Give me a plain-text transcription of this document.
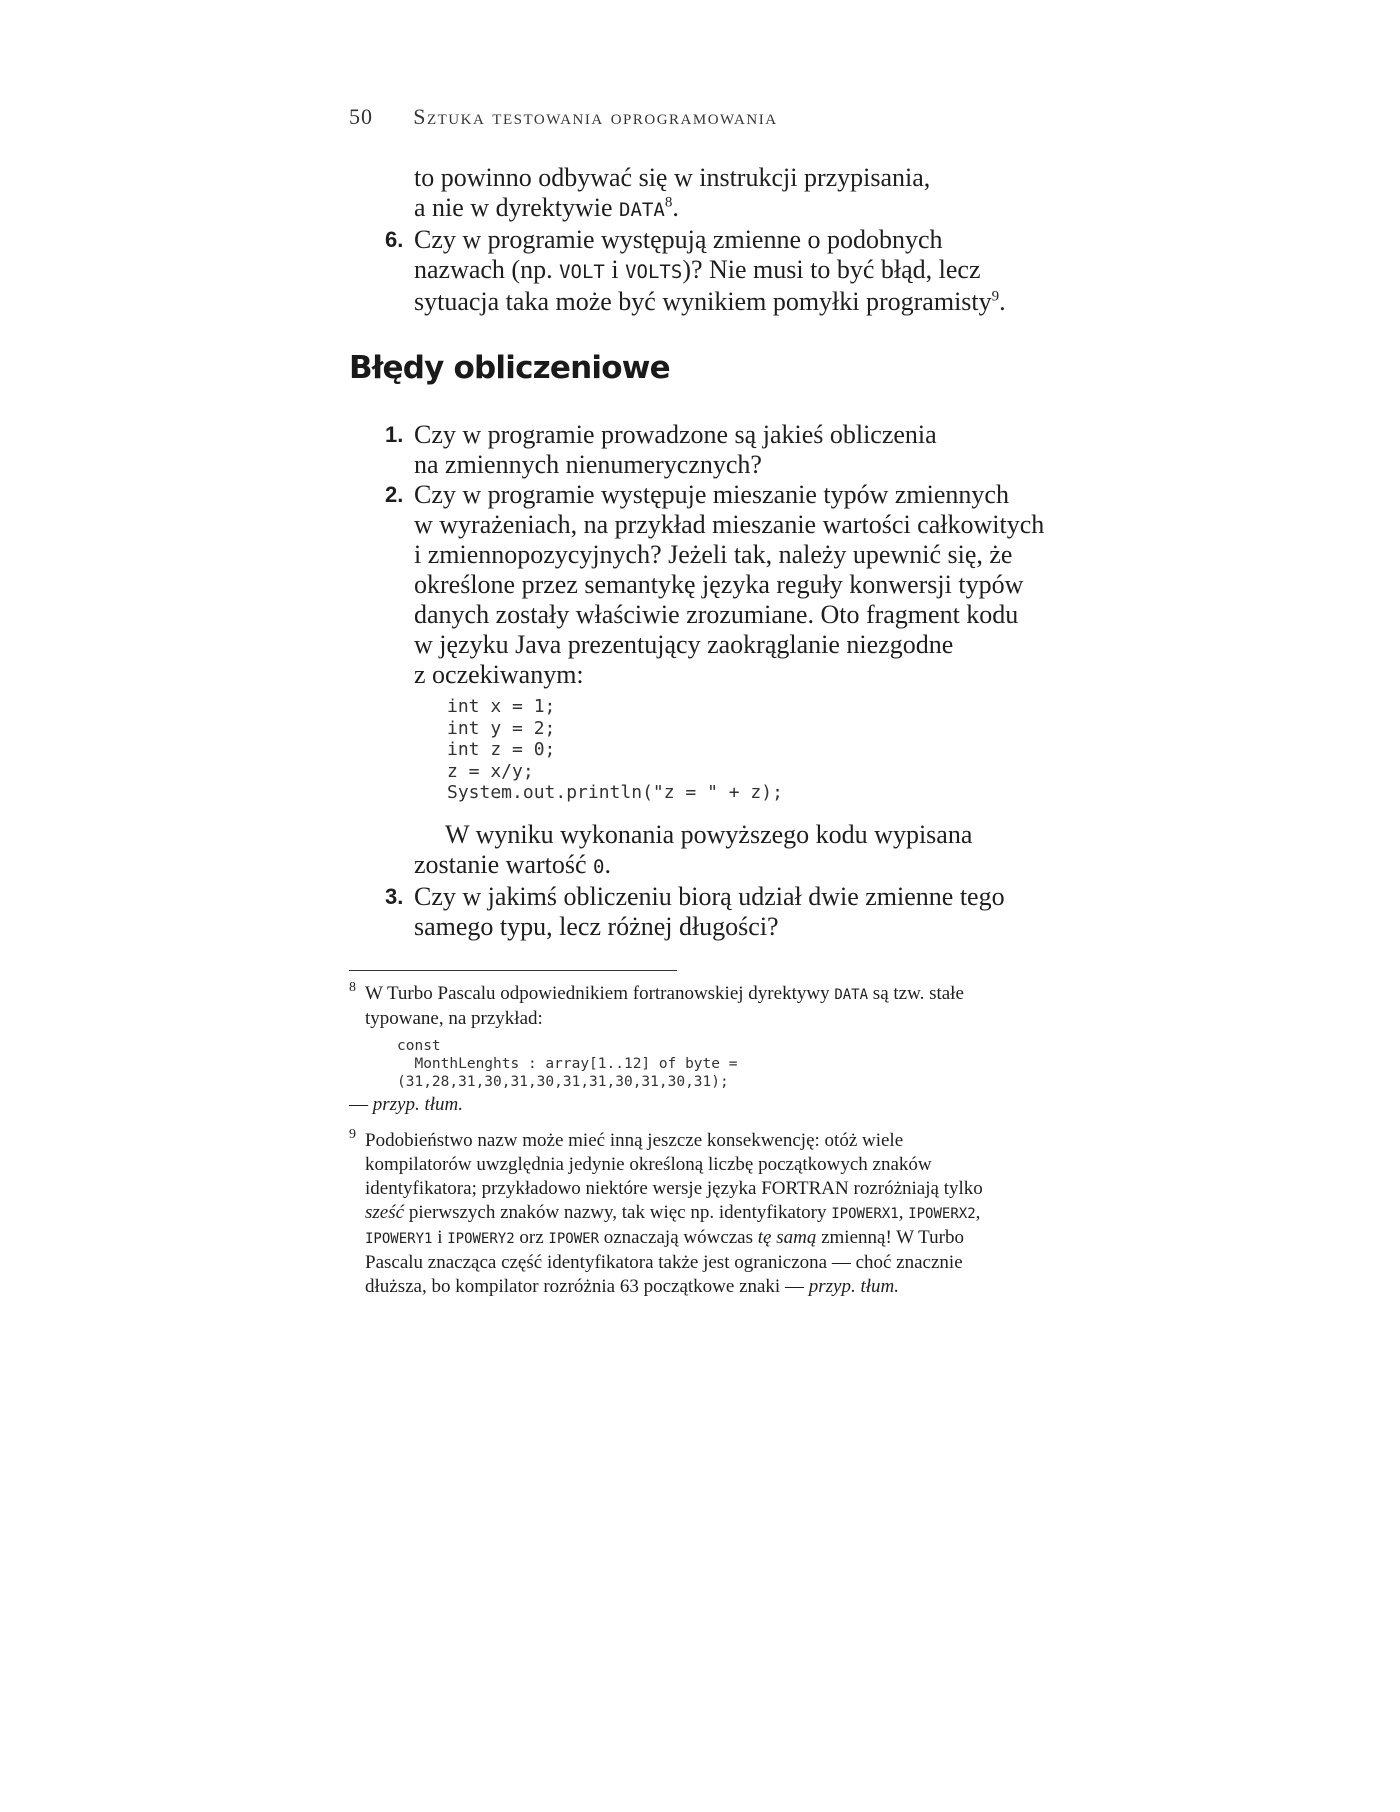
50 Sztuka testowania oprogramowania
to powinno odbywać się w instrukcji przypisania,
a nie w dyrektywie DATA$^8$.
6. Czy w programie występują zmienne o podobnych
nazwach (np. VOLT i VOLTS)? Nie musi to być błąd, lecz
sytuacja taka może być wynikiem pomyłki programisty$^9$.
Błędy obliczeniowe
1. Czy w programie prowadzone są jakieś obliczenia
na zmiennych nienumerycznych?
2. Czy w programie występuje mieszanie typów zmiennych
w wyrażeniach, na przykład mieszanie wartości całkowitych
i zmiennopozycyjnych? Jeżeli tak, należy upewnić się, że
określone przez semantykę języka reguły konwersji typów
danych zostały właściwie zrozumiane. Oto fragment kodu
w języku Java prezentujący zaokrąglanie niezgodne
z oczekiwanym:
int x = 1;
int y = 2;
int z = 0;
z = x/y;
System.out.println("z = " + z);
W wyniku wykonania powyższego kodu wypisana
zostanie wartość 0.
3. Czy w jakimś obliczeniu biorą udział dwie zmienne tego
samego typu, lecz różnej długości?
8 W Turbo Pascalu odpowiednikiem fortranowskiej dyrektywy DATA są tzw. stałe
typowane, na przykład:
const
MonthLenghts : array[1..12] of byte =
(31,28,31,30,31,30,31,31,30,31,30,31);
— przyp. tłum.
9 Podobieństwo nazw może mieć inną jeszcze konsekwencję: otóż wiele
kompilatorów uwzględnia jedynie określoną liczbę początkowych znaków
identyfikatora; przykładowo niektóre wersje języka FORTRAN rozróżniają tylko
sześć pierwszych znaków nazwy, tak więc np. identyfikatory IPOWERX1, IPOWERX2,
IPOWERY1 i IPOWERY2 orz IPOWER oznaczają wówczas tę samą zmienną! W Turbo
Pascalu znacząca część identyfikatora także jest ograniczona — choć znacznie
dłuższa, bo kompilator rozróżnia 63 początkowe znaki — przyp. tłum.
